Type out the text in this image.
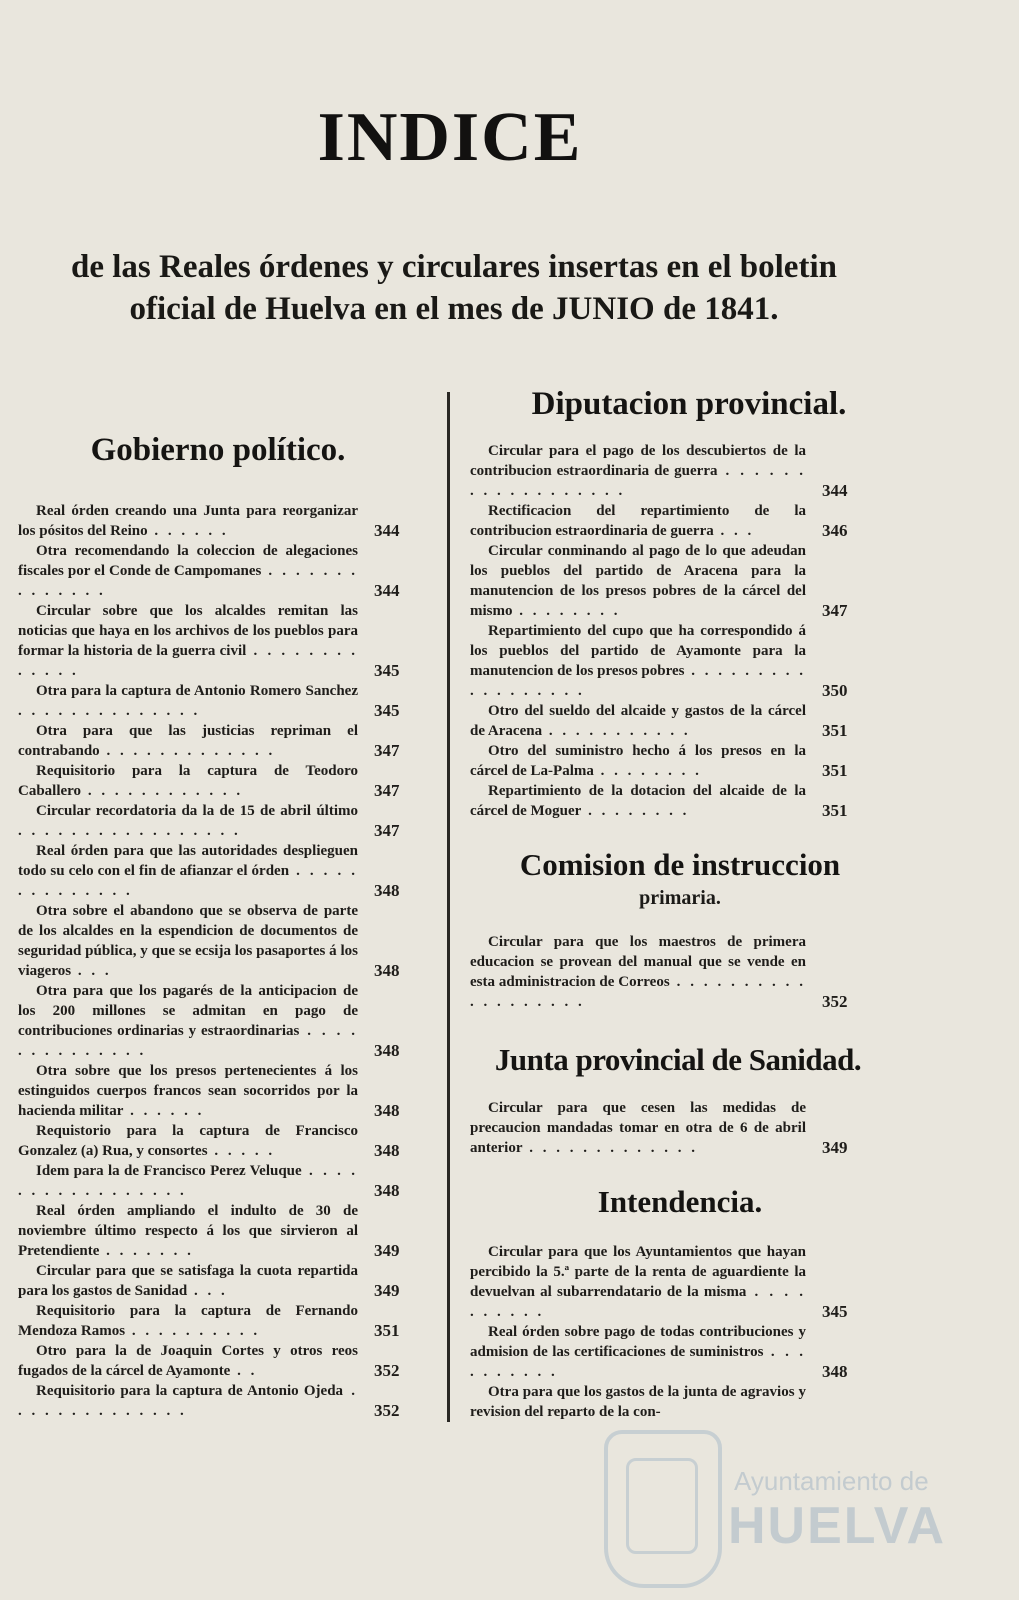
INDICE
de las Reales órdenes y circulares insertas en el boletin
oficial de Huelva en el mes de JUNIO de 1841.
Gobierno político.
Real órden creando una Junta para reorganizar los pósitos del Reino . . . . . .	344
Otra recomendando la coleccion de alegaciones fiscales por el Conde de Campomanes . . . . . . . . . . . . . .	344
Circular sobre que los alcaldes remitan las noticias que haya en los archivos de los pueblos para formar la historia de la guerra civil . . . . . . . . . . . . .	345
Otra para la captura de Antonio Romero Sanchez . . . . . . . . . . . . . .	345
Otra para que las justicias repriman el contrabando . . . . . . . . . . . . .	347
Requisitorio para la captura de Teodoro Caballero . . . . . . . . . . . .	347
Circular recordatoria da la de 15 de abril último . . . . . . . . . . . . . . . . .	347
Real órden para que las autoridades desplieguen todo su celo con el fin de afianzar el órden . . . . . . . . . . . . . .	348
Otra sobre el abandono que se observa de parte de los alcaldes en la espendicion de documentos de seguridad pública, y que se ecsija los pasaportes á los viageros . . .	348
Otra para que los pagarés de la anticipacion de los 200 millones se admitan en pago de contribuciones ordinarias y estraordinarias . . . . . . . . . . . . . .	348
Otra sobre que los presos pertenecientes á los estinguidos cuerpos francos sean socorridos por la hacienda militar . . . . . .	348
Requistorio para la captura de Francisco Gonzalez (a) Rua, y consortes . . . . .	348
Idem para la de Francisco Perez Veluque . . . . . . . . . . . . . . . . .	348
Real órden ampliando el indulto de 30 de noviembre último respecto á los que sirvieron al Pretendiente . . . . . . .	349
Circular para que se satisfaga la cuota repartida para los gastos de Sanidad . . .	349
Requisitorio para la captura de Fernando Mendoza Ramos . . . . . . . . . .	351
Otro para la de Joaquin Cortes y otros reos fugados de la cárcel de Ayamonte . .	352
Requisitorio para la captura de Antonio Ojeda . . . . . . . . . . . . . .	352
Diputacion provincial.
Circular para el pago de los descubiertos de la contribucion estraordinaria de guerra . . . . . . . . . . . . . . . . . .	344
Rectificacion del repartimiento de la contribucion estraordinaria de guerra . . .	346
Circular conminando al pago de lo que adeudan los pueblos del partido de Aracena para la manutencion de los presos pobres de la cárcel del mismo . . . . . . . .	347
Repartimiento del cupo que ha correspondido á los pueblos del partido de Ayamonte para la manutencion de los presos pobres . . . . . . . . . . . . . . . . . .	350
Otro del sueldo del alcaide y gastos de la cárcel de Aracena . . . . . . . . . . .	351
Otro del suministro hecho á los presos en la cárcel de La-Palma . . . . . . . .	351
Repartimiento de la dotacion del alcaide de la cárcel de Moguer . . . . . . . .	351
Comision de instruccion
primaria.
Circular para que los maestros de primera educacion se provean del manual que se vende en esta administracion de Correos . . . . . . . . . . . . . . . . . . .	352
Junta provincial de Sanidad.
Circular para que cesen las medidas de precaucion mandadas tomar en otra de 6 de abril anterior . . . . . . . . . . . . .	349
Intendencia.
Circular para que los Ayuntamientos que hayan percibido la 5.ª parte de la renta de aguardiente la devuelvan al subarrendatario de la misma . . . . . . . . . .	345
Real órden sobre pago de todas contribuciones y admision de las certificaciones de suministros . . . . . . . . . .	348
Otra para que los gastos de la junta de agravios y revision del reparto de la con-
Ayuntamiento de
HUELVA
